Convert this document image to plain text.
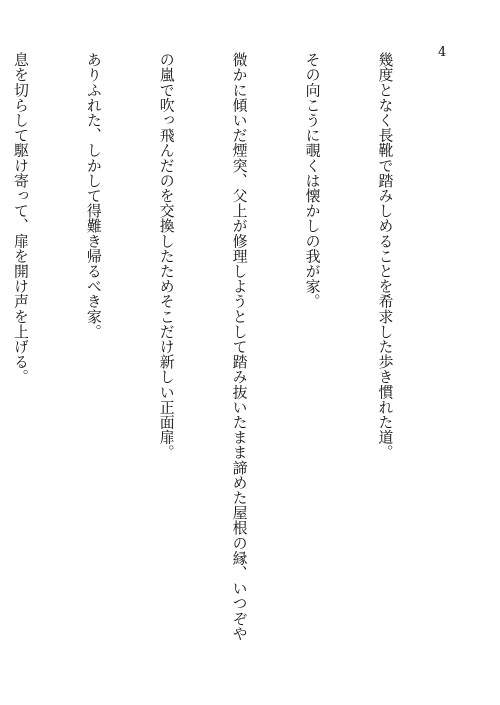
4

幾度となく長靴で踏みしめることを希求した歩き慣れた道。

その向こうに覗くは懐かしの我が家。

微かに傾いだ煙突、父上が修理しようとして踏み抜いたまま諦めた屋根の縁、いつぞや

の嵐で吹っ飛んだのを交換したためそこだけ新しい正面扉。

ありふれた、しかして得難き帰るべき家。

息を切らして駆け寄って、扉を開け声を上げる。
